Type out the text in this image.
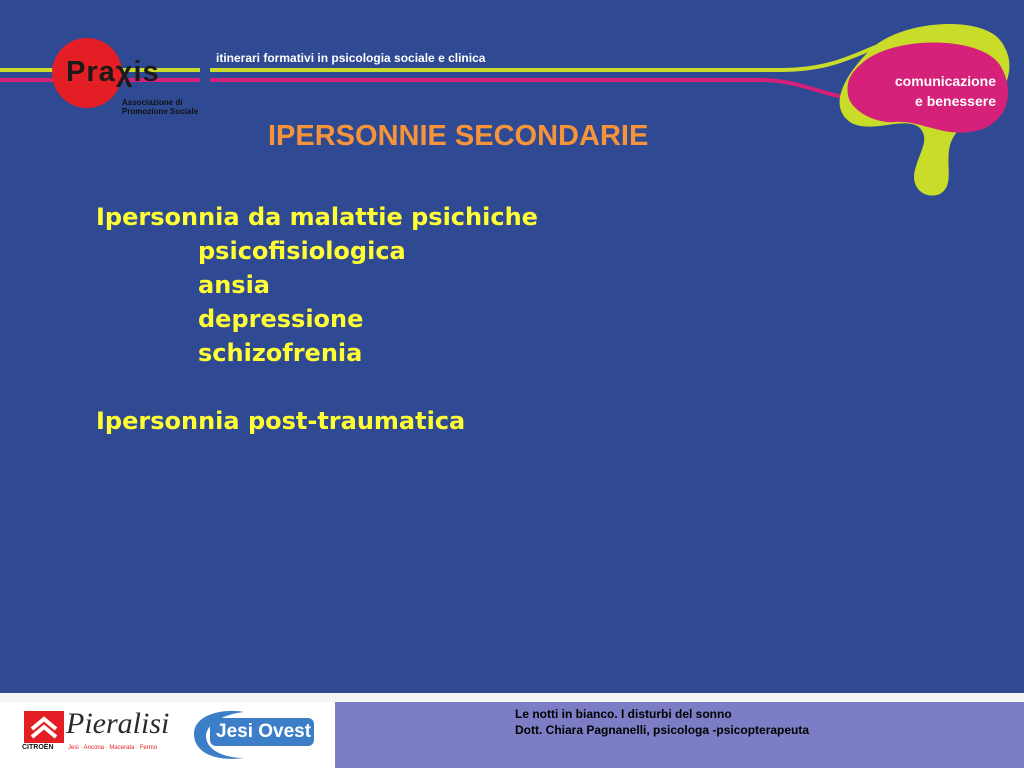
comunicazione
e benessere
Praχis
Associazione di
Promozione Sociale
itinerari formativi in psicologia sociale e clinica
IPERSONNIE SECONDARIE
Ipersonnia da malattie psichiche
psicofisiologica
ansia
depressione
schizofrenia
Ipersonnia post-traumatica
CITROËN
Pieralisi
Jesi · Ancona · Macerata · Fermo
Jesi Ovest
II Circoscrizione
Le notti in bianco. I disturbi del sonno
Dott. Chiara Pagnanelli, psicologa -psicopterapeuta
